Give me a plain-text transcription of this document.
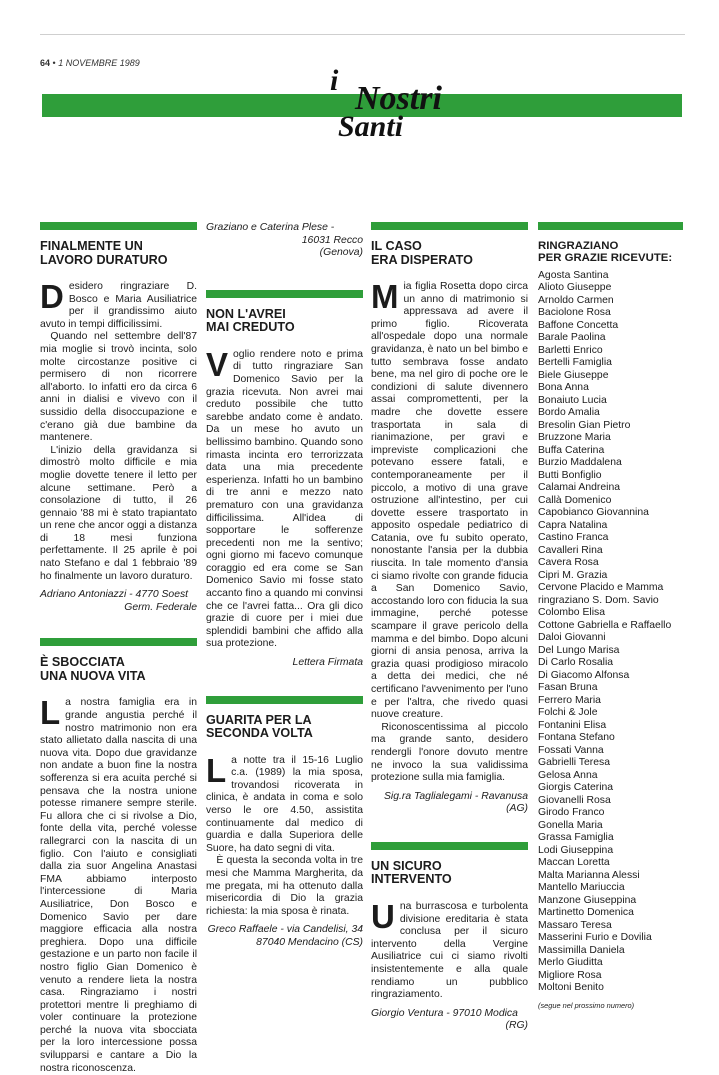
64 • 1 NOVEMBRE 1989
i Nostri
Santi
FINALMENTE UN
LAVORO DURATURO

Desidero ringraziare D. Bosco e Maria Ausiliatrice per il grandissimo aiuto avuto in tempi difficilissimi.

Quando nel settembre dell'87 mia moglie si trovò incinta, solo molte circostanze positive ci permisero di non ricorrere all'aborto. Io infatti ero da circa 6 anni in dialisi e vivevo con il sussidio della disoccupazione e c'erano già due bambine da mantenere.

L'inizio della gravidanza si dimostrò molto difficile e mia moglie dovette tenere il letto per alcune settimane. Però a consolazione di tutto, il 26 gennaio '88 mi è stato trapiantato un rene che ancor oggi a distanza di 18 mesi funziona perfettamente. Il 25 aprile è poi nato Stefano e dal 1 febbraio '89 ho finalmente un lavoro duraturo.

Adriano Antoniazzi - 4770 Soest
Germ. Federale
È SBOCCIATA
UNA NUOVA VITA

La nostra famiglia era in grande angustia perché il nostro matrimonio non era stato allietato dalla nascita di una nuova vita. Dopo due gravidanze non andate a buon fine la nostra sofferenza si era acuita perché si pensava che la nostra unione potesse rimanere sempre sterile. Fu allora che ci si rivolse a Dio, fonte della vita, perché volesse rallegrarci con la nascita di un figlio. Con l'aiuto e consigliati dalla zia suor Angelina Anastasi FMA abbiamo interposto l'intercessione di Maria Ausiliatrice, Don Bosco e Domenico Savio per dare maggiore efficacia alla nostra preghiera. Dopo una difficile gestazione e un parto non facile il nostro figlio Gian Domenico è venuto a rendere lieta la nostra casa. Ringraziamo i nostri protettori mentre li preghiamo di voler continuare la protezione perché la nuova vita sbocciata per la loro intercessione possa svilupparsi e cantare a Dio la nostra riconoscenza.

Graziano e Caterina Plese -
16031 Recco
(Genova)
NON L'AVREI
MAI CREDUTO

Voglio rendere noto e prima di tutto ringraziare San Domenico Savio per la grazia ricevuta. Non avrei mai creduto possibile che tutto sarebbe andato come è andato. Da un mese ho avuto un bellissimo bambino. Quando sono rimasta incinta ero terrorizzata data una mia precedente esperienza. Infatti ho un bambino di tre anni e mezzo nato prematuro con una gravidanza difficilissima. All'idea di sopportare le sofferenze precedenti non me la sentivo; ogni giorno mi facevo comunque coraggio ed era come se San Domenico Savio mi fosse stato accanto fino a quando mi convinsi che ce l'avrei fatta... Ora gli dico grazie di cuore per i miei due splendidi bambini che affido alla sua protezione.

Lettera Firmata
GUARITA PER LA
SECONDA VOLTA

La notte tra il 15-16 Luglio c.a. (1989) la mia sposa, trovandosi ricoverata in clinica, è andata in coma e solo verso le ore 4.50, assistita continuamente dal medico di guardia e dalla Superiora delle Suore, ha dato segni di vita.

È questa la seconda volta in tre mesi che Mamma Margherita, da me pregata, mi ha ottenuto dalla misericordia di Dio la grazia richiesta: la mia sposa è rinata.

Greco Raffaele - via Candelisi, 34
87040 Mendacino (CS)
IL CASO
ERA DISPERATO

Mia figlia Rosetta dopo circa un anno di matrimonio si appressava ad avere il primo figlio. Ricoverata all'ospedale dopo una normale gravidanza, è nato un bel bimbo e tutto sembrava fosse andato bene, ma nel giro di poche ore le condizioni di salute divennero assai compromettenti, per la madre che dovette essere trasportata in sala di rianimazione, per gravi e impreviste complicazioni che potevano essere fatali, e contemporaneamente per il piccolo, a motivo di una grave ostruzione all'intestino, per cui dovette essere trasportato in apposito ospedale pediatrico di Catania, ove fu subito operato, nonostante l'ansia per la dubbia riuscita. In tale momento d'ansia ci siamo rivolte con grande fiducia a San Domenico Savio, accostando loro con fiducia la sua immagine, perché potesse scampare il grave pericolo della mamma e del bimbo. Dopo alcuni giorni di ansia penosa, arriva la grazia quasi prodigioso miracolo a detta dei medici, che né certificano l'avvenimento per l'uno e per l'altra, che rivedo quasi nuove creature.

Riconoscentissima al piccolo ma grande santo, desidero rendergli l'onore dovuto mentre ne invoco la sua validissima protezione sulla mia famiglia.

Sig.ra Taglialegami - Ravanusa
(AG)
UN SICURO
INTERVENTO

Una burrascosa e turbolenta divisione ereditaria è stata conclusa per il sicuro intervento della Vergine Ausiliatrice cui ci siamo rivolti insistentemente e alla quale rendiamo un pubblico ringraziamento.

Giorgio Ventura - 97010 Modica
(RG)
RINGRAZIANO
PER GRAZIE RICEVUTE:
Agosta Santina
Alioto Giuseppe
Arnoldo Carmen
Baciolone Rosa
Baffone Concetta
Barale Paolina
Barletti Enrico
Bertelli Famiglia
Biele Giuseppe
Bona Anna
Bonaiuto Lucia
Bordo Amalia
Bresolin Gian Pietro
Bruzzone Maria
Buffa Caterina
Burzio Maddalena
Butti Bonfiglio
Calamai Andreina
Callà Domenico
Capobianco Giovannina
Capra Natalina
Castino Franca
Cavalleri Rina
Cavera Rosa
Cipri M. Grazia
Cervone Placido e Mamma
ringraziano S. Dom. Savio
Colombo Elisa
Cottone Gabriella e Raffaello
Daloi Giovanni
Del Lungo Marisa
Di Carlo Rosalia
Di Giacomo Alfonsa
Fasan Bruna
Ferrero Maria
Folchi & Jole
Fontanini Elisa
Fontana Stefano
Fossati Vanna
Gabrielli Teresa
Gelosa Anna
Giorgis Caterina
Giovanelli Rosa
Girodo Franco
Gonella Maria
Grassa Famiglia
Lodi Giuseppina
Maccan Loretta
Malta Marianna Alessi
Mantello Mariuccia
Manzone Giuseppina
Martinetto Domenica
Massaro Teresa
Masserini Furio e Dovilia
Massimilla Daniela
Merlo Giuditta
Migliore Rosa
Moltoni Benito
(segue nel prossimo numero)
